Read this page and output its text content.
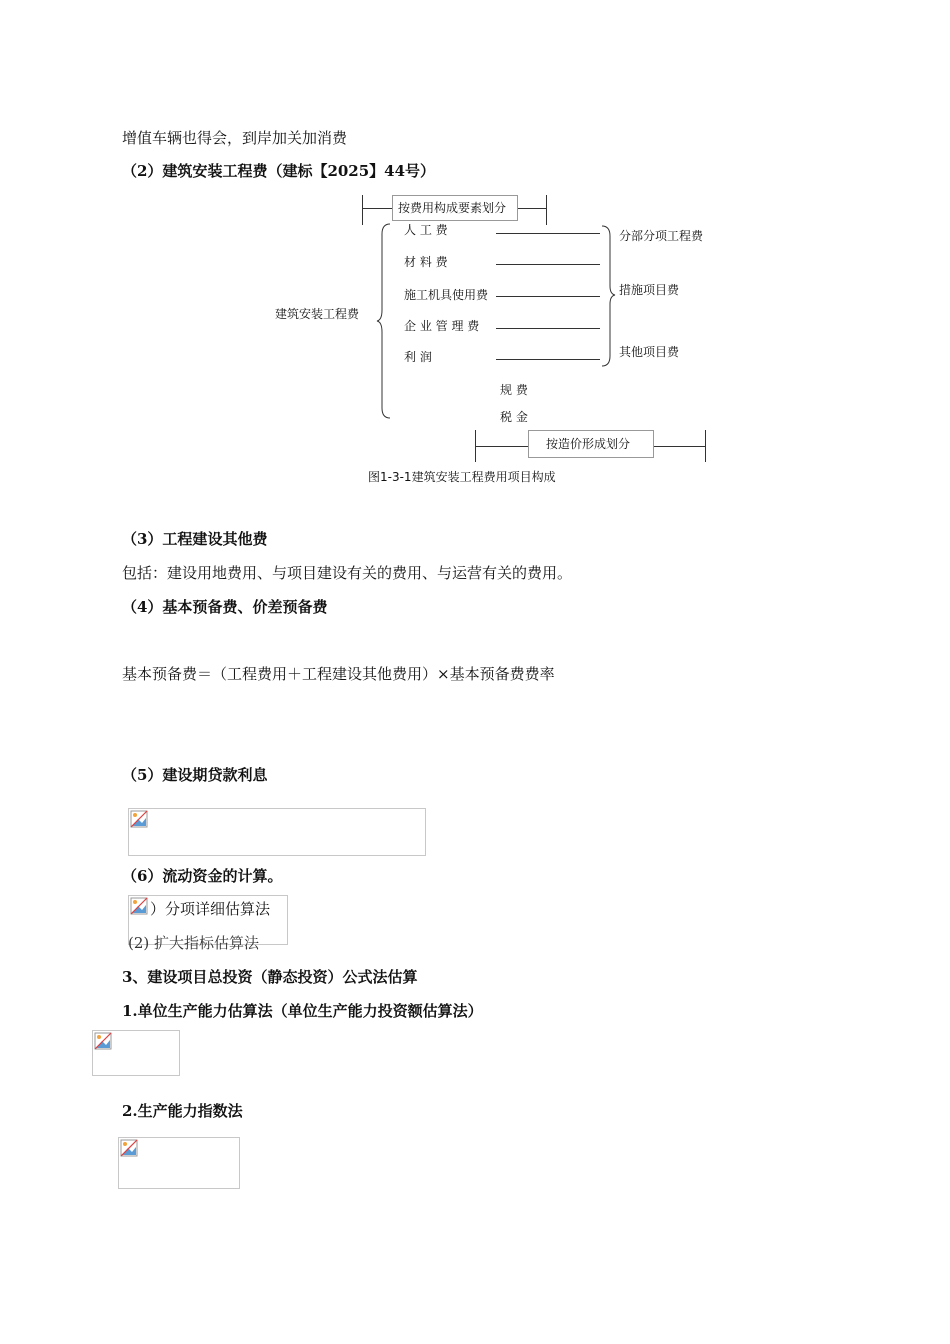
增值车辆也得会，到岸加关加消费
（2）建筑安装工程费（建标【2025】44号）
按费用构成要素划分
建筑安装工程费
人 工 费
材 料 费
施工机具使用费
企 业 管 理 费
利 润
规 费
税 金
分部分项工程费
措施项目费
其他项目费
按造价形成划分
图1-3-1建筑安装工程费用项目构成
（3）工程建设其他费
包括：建设用地费用、与项目建设有关的费用、与运营有关的费用。
（4）基本预备费、价差预备费
基本预备费＝（工程费用＋工程建设其他费用）×基本预备费费率
（5）建设期贷款利息
（6）流动资金的计算。
）分项详细估算法
(2) 扩大指标估算法
3、建设项目总投资（静态投资）公式法估算
1.单位生产能力估算法（单位生产能力投资额估算法）
2.生产能力指数法
